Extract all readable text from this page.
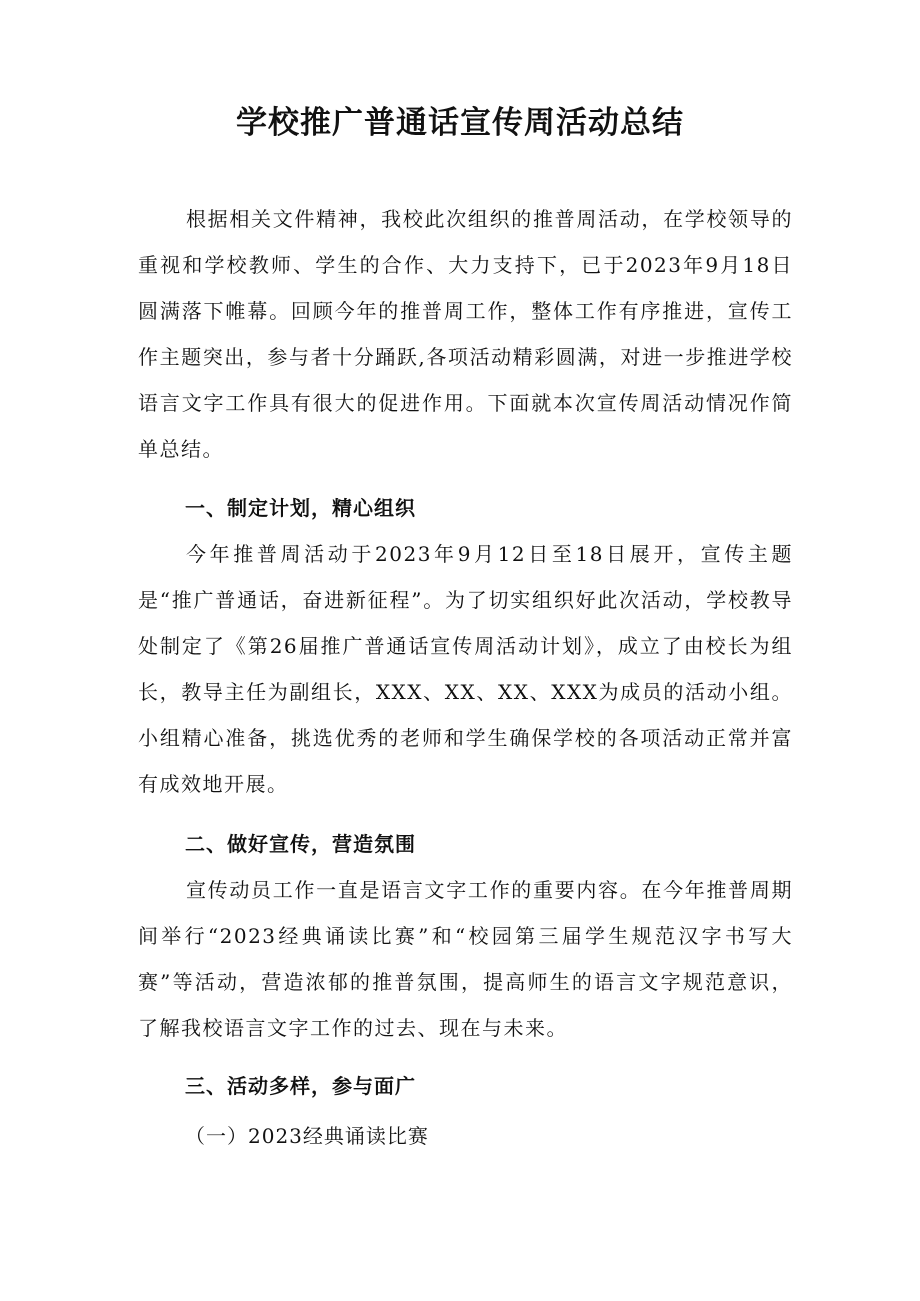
学校推广普通话宣传周活动总结

根据相关文件精神，我校此次组织的推普周活动，在学校领导的重视和学校教师、学生的合作、大力支持下，已于2023年9月18日圆满落下帷幕。回顾今年的推普周工作，整体工作有序推进，宣传工作主题突出，参与者十分踊跃,各项活动精彩圆满，对进一步推进学校语言文字工作具有很大的促进作用。下面就本次宣传周活动情况作简单总结。

一、制定计划，精心组织

今年推普周活动于2023年9月12日至18日展开，宣传主题是“推广普通话，奋进新征程”。为了切实组织好此次活动，学校教导处制定了《第26届推广普通话宣传周活动计划》，成立了由校长为组长，教导主任为副组长，XXX、XX、XX、XXX为成员的活动小组。小组精心准备，挑选优秀的老师和学生确保学校的各项活动正常并富有成效地开展。

二、做好宣传，营造氛围

宣传动员工作一直是语言文字工作的重要内容。在今年推普周期间举行“2023经典诵读比赛”和“校园第三届学生规范汉字书写大赛”等活动，营造浓郁的推普氛围，提高师生的语言文字规范意识，了解我校语言文字工作的过去、现在与未来。

三、活动多样，参与面广

（一）2023经典诵读比赛
